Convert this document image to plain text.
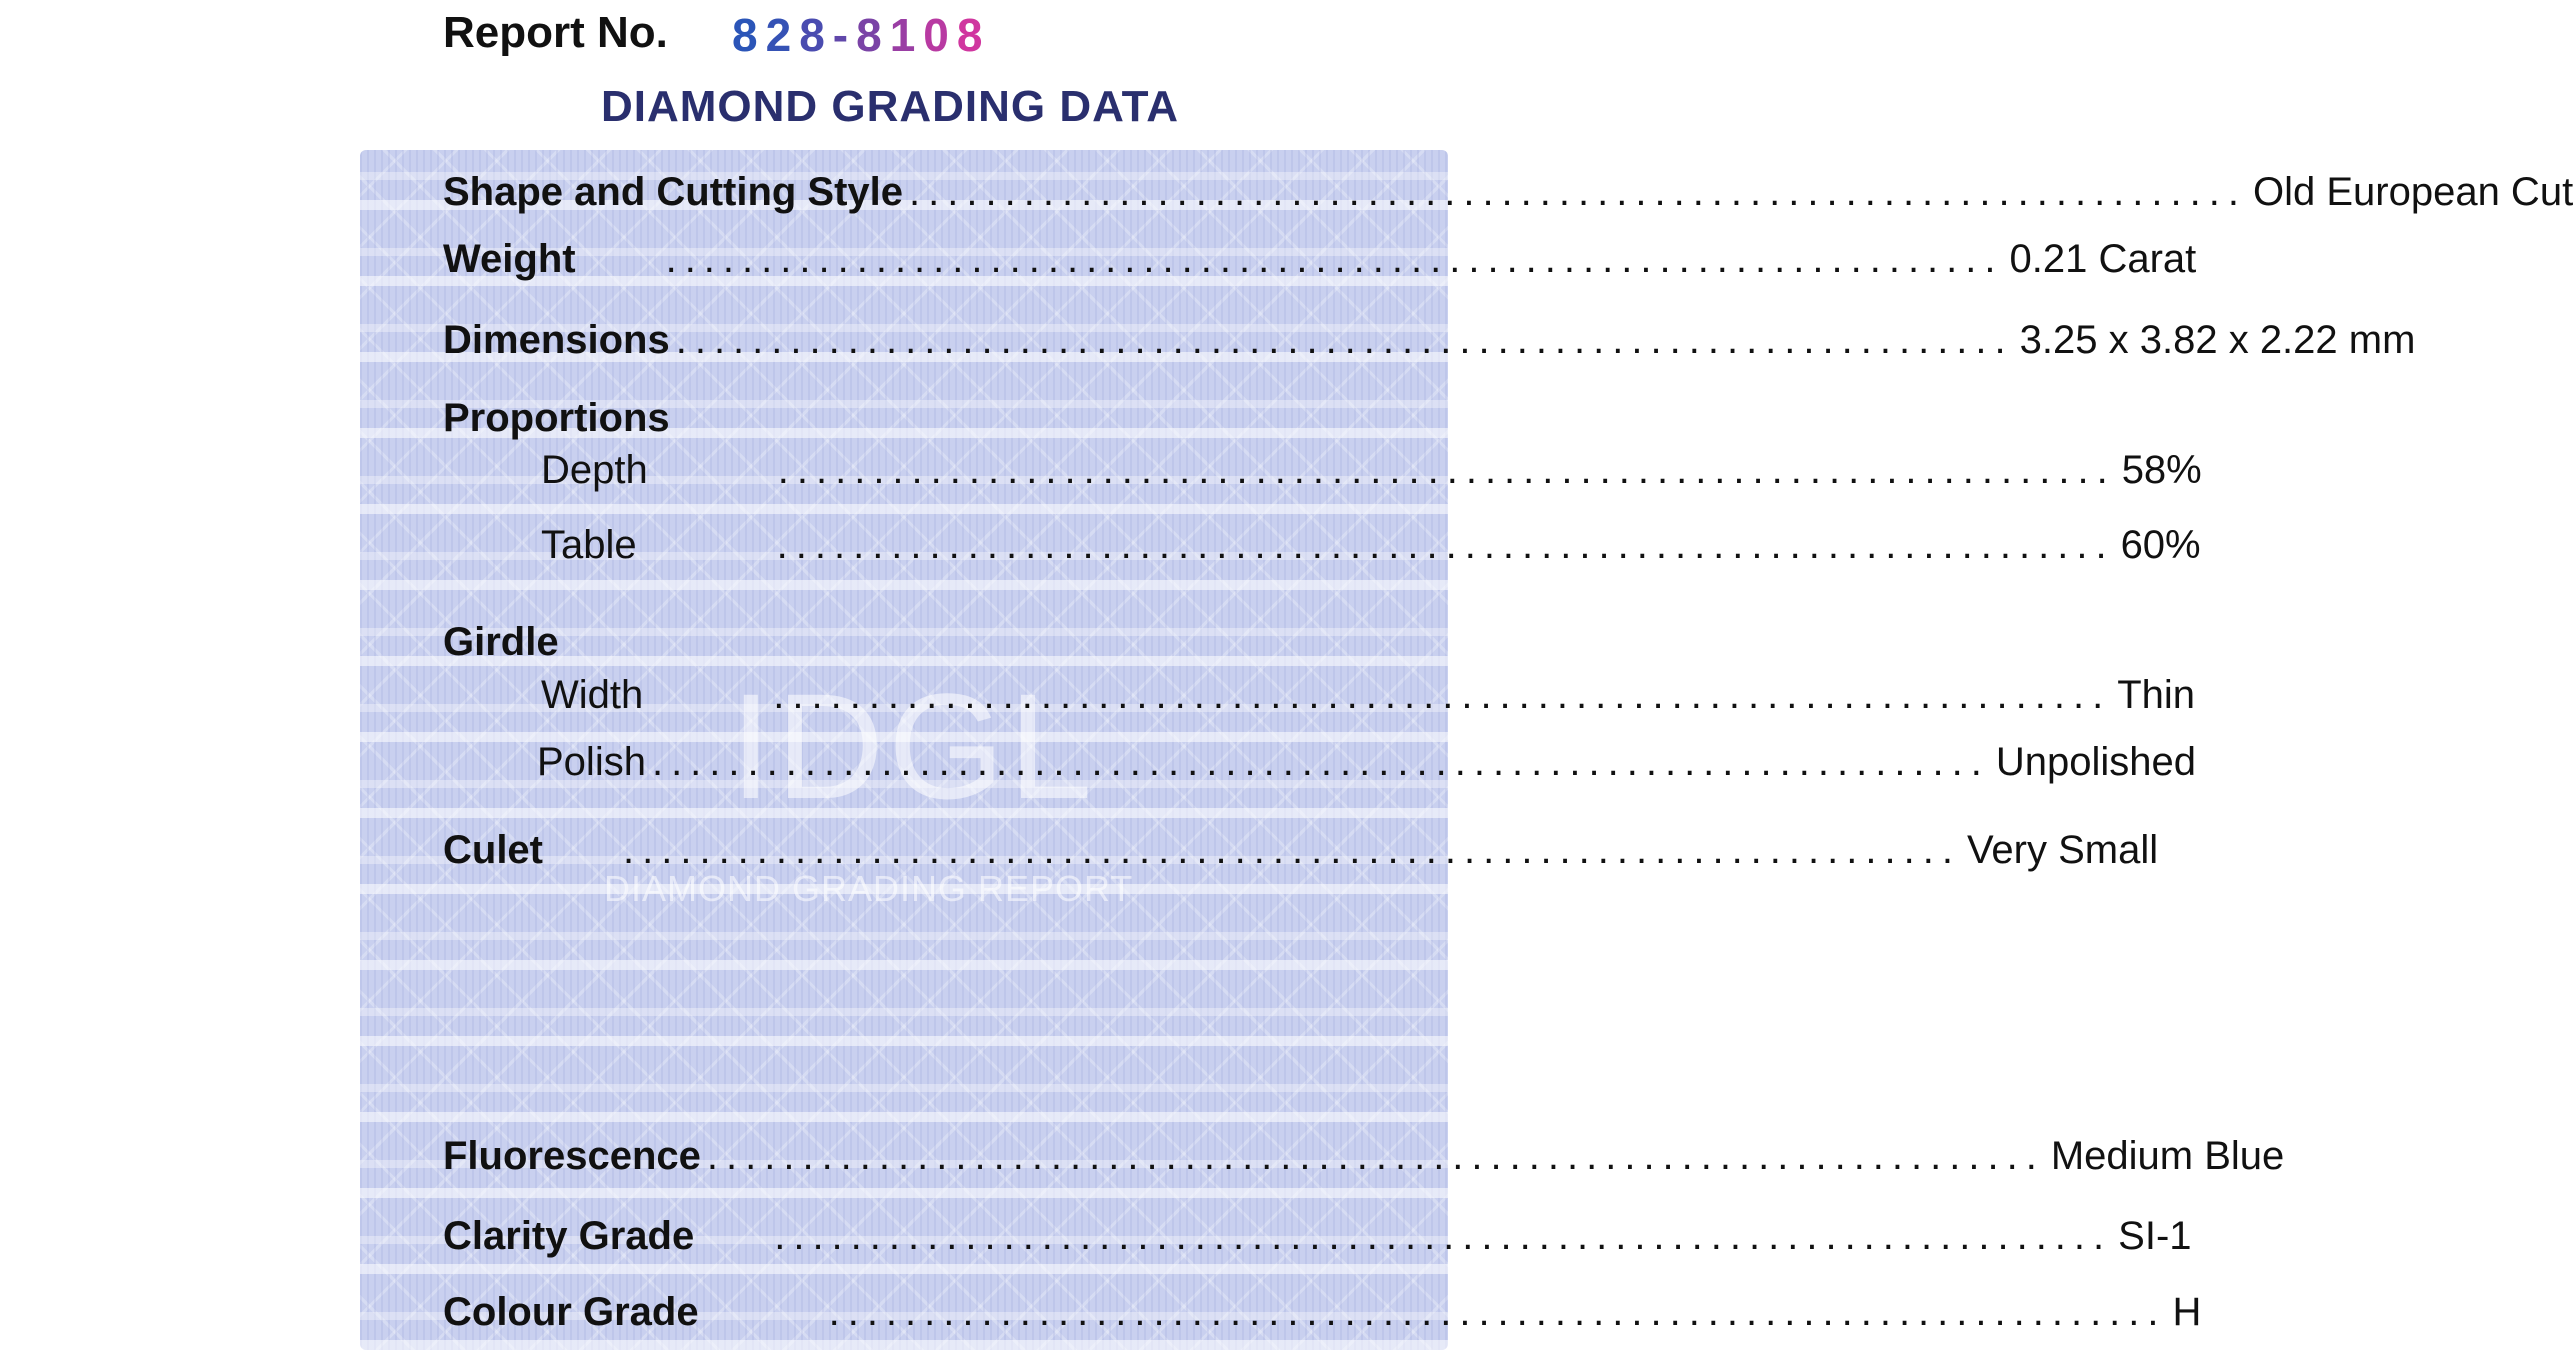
Report No. 828-8108
DIAMOND GRADING DATA
IDGL
DIAMOND GRADING REPORT
Shape and Cutting Style ...................................................................... Old European Cut
Weight ...................................................................... 0.21 Carat
Dimensions ...................................................................... 3.25 x 3.82 x 2.22 mm
Proportions
Depth	...................................................................... 58%
Table	...................................................................... 60%
Girdle
Width	...................................................................... Thin
Polish ...................................................................... Unpolished
Culet ...................................................................... Very Small
Fluorescence ...................................................................... Medium Blue
Clarity Grade ...................................................................... SI-1
Colour Grade	...................................................................... H
